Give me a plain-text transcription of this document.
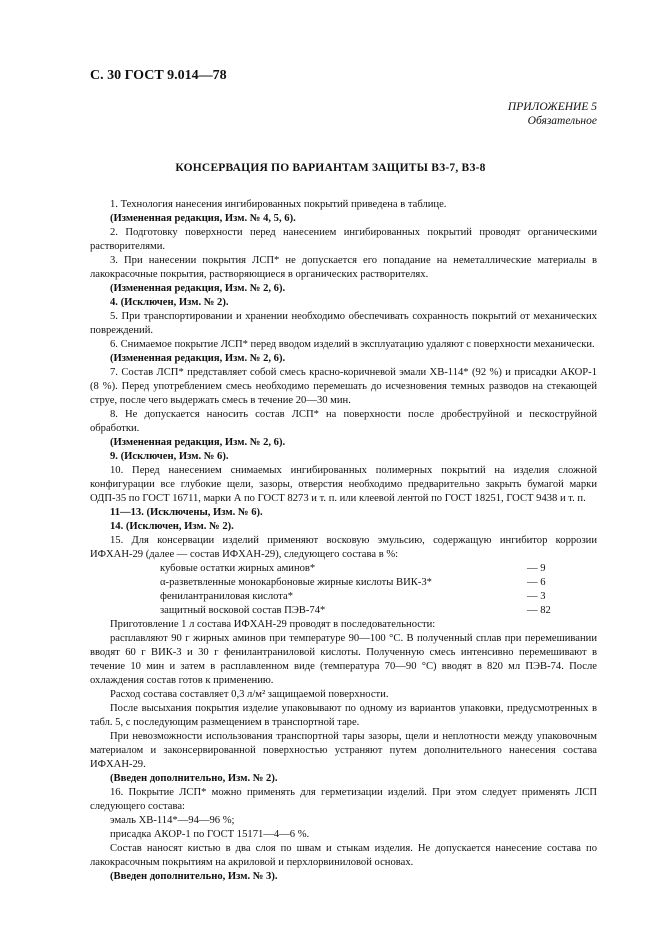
С. 30 ГОСТ 9.014—78
ПРИЛОЖЕНИЕ 5
Обязательное
КОНСЕРВАЦИЯ ПО ВАРИАНТАМ ЗАЩИТЫ ВЗ-7, ВЗ-8

1. Технология нанесения ингибированных покрытий приведена в таблице.

(Измененная редакция, Изм. № 4, 5, 6).

2. Подготовку поверхности перед нанесением ингибированных покрытий проводят органическими растворителями.

3. При нанесении покрытия ЛСП* не допускается его попадание на неметаллические материалы в лакокрасочные покрытия, растворяющиеся в органических растворителях.

(Измененная редакция, Изм. № 2, 6).

4. (Исключен, Изм. № 2).

5. При транспортировании и хранении необходимо обеспечивать сохранность покрытий от механических повреждений.

6. Снимаемое покрытие ЛСП* перед вводом изделий в эксплуатацию удаляют с поверхности механически.

(Измененная редакция, Изм. № 2, 6).

7. Состав ЛСП* представляет собой смесь красно-коричневой эмали ХВ-114* (92 %) и присадки АКОР-1 (8 %). Перед употреблением смесь необходимо перемешать до исчезновения темных разводов на стекающей струе, после чего выдержать смесь в течение 20—30 мин.

8. Не допускается наносить состав ЛСП* на поверхности после дробеструйной и пескоструйной обработки.

(Измененная редакция, Изм. № 2, 6).

9. (Исключен, Изм. № 6).

10. Перед нанесением снимаемых ингибированных полимерных покрытий на изделия сложной конфигурации все глубокие щели, зазоры, отверстия необходимо предварительно закрыть бумагой марки ОДП-35 по ГОСТ 16711, марки А по ГОСТ 8273 и т. п. или клеевой лентой по ГОСТ 18251, ГОСТ 9438 и т. п.

11—13. (Исключены, Изм. № 6).

14. (Исключен, Изм. № 2).

15. Для консервации изделий применяют восковую эмульсию, содержащую ингибитор коррозии ИФХАН-29 (далее — состав ИФХАН-29), следующего состава в %:

кубовые остатки жирных аминов*	— 9
α-разветвленные монокарбоновые жирные кислоты ВИК-3*	— 6
фенилантраниловая кислота*	— 3
защитный восковой состав ПЭВ-74*	— 82

Приготовление 1 л состава ИФХАН-29 проводят в последовательности:

расплавляют 90 г жирных аминов при температуре 90—100 °С. В полученный сплав при перемешивании вводят 60 г ВИК-3 и 30 г фенилантраниловой кислоты. Полученную смесь интенсивно перемешивают в течение 10 мин и затем в расплавленном виде (температура 70—90 °С) вводят в 820 мл ПЭВ-74. После охлаждения состав готов к применению.

Расход состава составляет 0,3 л/м² защищаемой поверхности.

После высыхания покрытия изделие упаковывают по одному из вариантов упаковки, предусмотренных в табл. 5, с последующим размещением в транспортной таре.

При невозможности использования транспортной тары зазоры, щели и неплотности между упаковочным материалом и законсервированной поверхностью устраняют путем дополнительного нанесения состава ИФХАН-29.

(Введен дополнительно, Изм. № 2).

16. Покрытие ЛСП* можно применять для герметизации изделий. При этом следует применять ЛСП следующего состава:

эмаль ХВ-114*—94—96 %;

присадка АКОР-1 по ГОСТ 15171—4—6 %.

Состав наносят кистью в два слоя по швам и стыкам изделия. Не допускается нанесение состава по лакокрасочным покрытиям на акриловой и перхлорвиниловой основах.

(Введен дополнительно, Изм. № 3).
